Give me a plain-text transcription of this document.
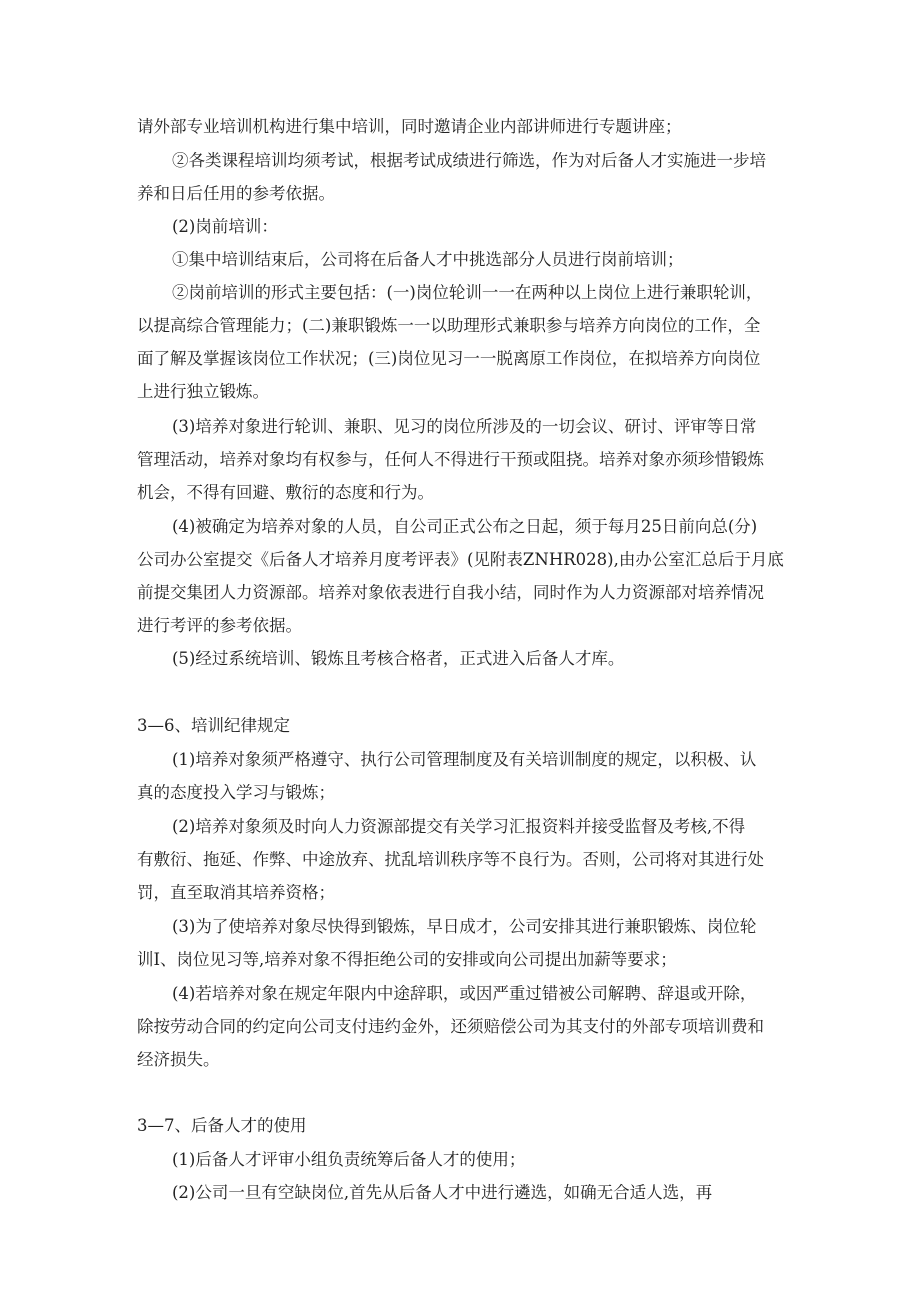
请外部专业培训机构进行集中培训，同时邀请企业内部讲师进行专题讲座；

②各类课程培训均须考试，根据考试成绩进行筛选，作为对后备人才实施进一步培

养和日后任用的参考依据。

(2)岗前培训：

①集中培训结束后，公司将在后备人才中挑选部分人员进行岗前培训；

②岗前培训的形式主要包括：(一)岗位轮训一一在两种以上岗位上进行兼职轮训，

以提高综合管理能力；(二)兼职锻炼一一以助理形式兼职参与培养方向岗位的工作，全

面了解及掌握该岗位工作状况；(三)岗位见习一一脱离原工作岗位，在拟培养方向岗位

上进行独立锻炼。

(3)培养对象进行轮训、兼职、见习的岗位所涉及的一切会议、研讨、评审等日常

管理活动，培养对象均有权参与，任何人不得进行干预或阻挠。培养对象亦须珍惜锻炼

机会，不得有回避、敷衍的态度和行为。

(4)被确定为培养对象的人员，自公司正式公布之日起，须于每月25日前向总(分)

公司办公室提交《后备人才培养月度考评表》(见附表ZNHR028),由办公室汇总后于月底

前提交集团人力资源部。培养对象依表进行自我小结，同时作为人力资源部对培养情况

进行考评的参考依据。

(5)经过系统培训、锻炼且考核合格者，正式进入后备人才库。

3—6、培训纪律规定

(1)培养对象须严格遵守、执行公司管理制度及有关培训制度的规定，以积极、认

真的态度投入学习与锻炼；

(2)培养对象须及时向人力资源部提交有关学习汇报资料并接受监督及考核,不得

有敷衍、拖延、作弊、中途放弃、扰乱培训秩序等不良行为。否则，公司将对其进行处

罚，直至取消其培养资格；

(3)为了使培养对象尽快得到锻炼，早日成才，公司安排其进行兼职锻炼、岗位轮

训I、岗位见习等,培养对象不得拒绝公司的安排或向公司提出加薪等要求；

(4)若培养对象在规定年限内中途辞职，或因严重过错被公司解聘、辞退或开除，

除按劳动合同的约定向公司支付违约金外，还须赔偿公司为其支付的外部专项培训费和

经济损失。

3—7、后备人才的使用

(1)后备人才评审小组负责统筹后备人才的使用；

(2)公司一旦有空缺岗位,首先从后备人才中进行遴选，如确无合适人选，再
